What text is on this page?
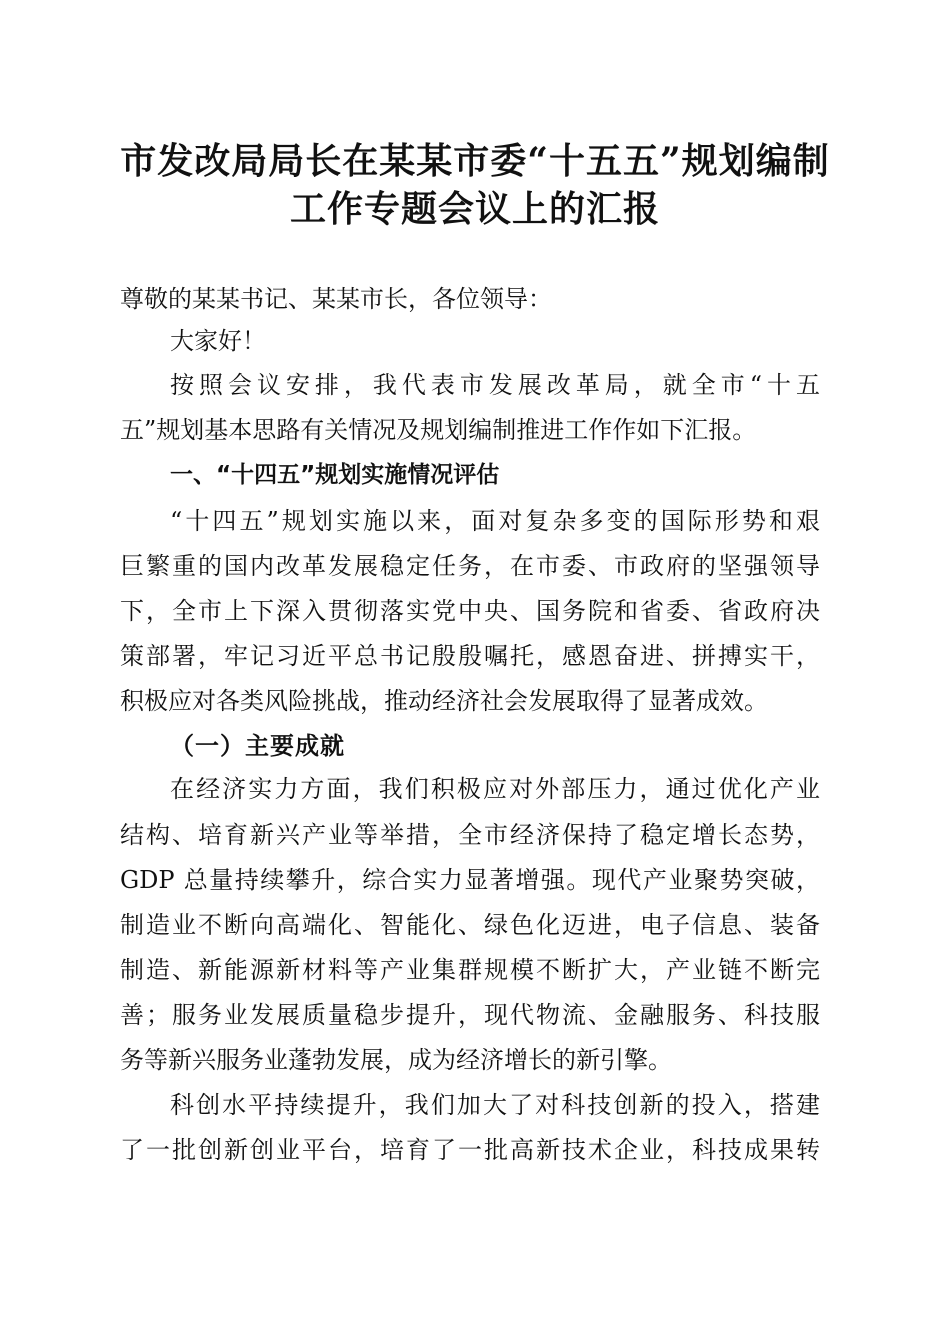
市发改局局长在某某市委“十五五”规划编制
工作专题会议上的汇报
尊敬的某某书记、某某市长，各位领导：
大家好！
按照会议安排，我代表市发展改革局，就全市“十五
五”规划基本思路有关情况及规划编制推进工作作如下汇报。
一、“十四五”规划实施情况评估
“十四五”规划实施以来，面对复杂多变的国际形势和艰
巨繁重的国内改革发展稳定任务，在市委、市政府的坚强领导
下，全市上下深入贯彻落实党中央、国务院和省委、省政府决
策部署，牢记习近平总书记殷殷嘱托，感恩奋进、拼搏实干，
积极应对各类风险挑战，推动经济社会发展取得了显著成效。
（一）主要成就
在经济实力方面，我们积极应对外部压力，通过优化产业
结构、培育新兴产业等举措，全市经济保持了稳定增长态势，
GDP 总量持续攀升，综合实力显著增强。现代产业聚势突破，
制造业不断向高端化、智能化、绿色化迈进，电子信息、装备
制造、新能源新材料等产业集群规模不断扩大，产业链不断完
善；服务业发展质量稳步提升，现代物流、金融服务、科技服
务等新兴服务业蓬勃发展，成为经济增长的新引擎。
科创水平持续提升，我们加大了对科技创新的投入，搭建
了一批创新创业平台，培育了一批高新技术企业，科技成果转
